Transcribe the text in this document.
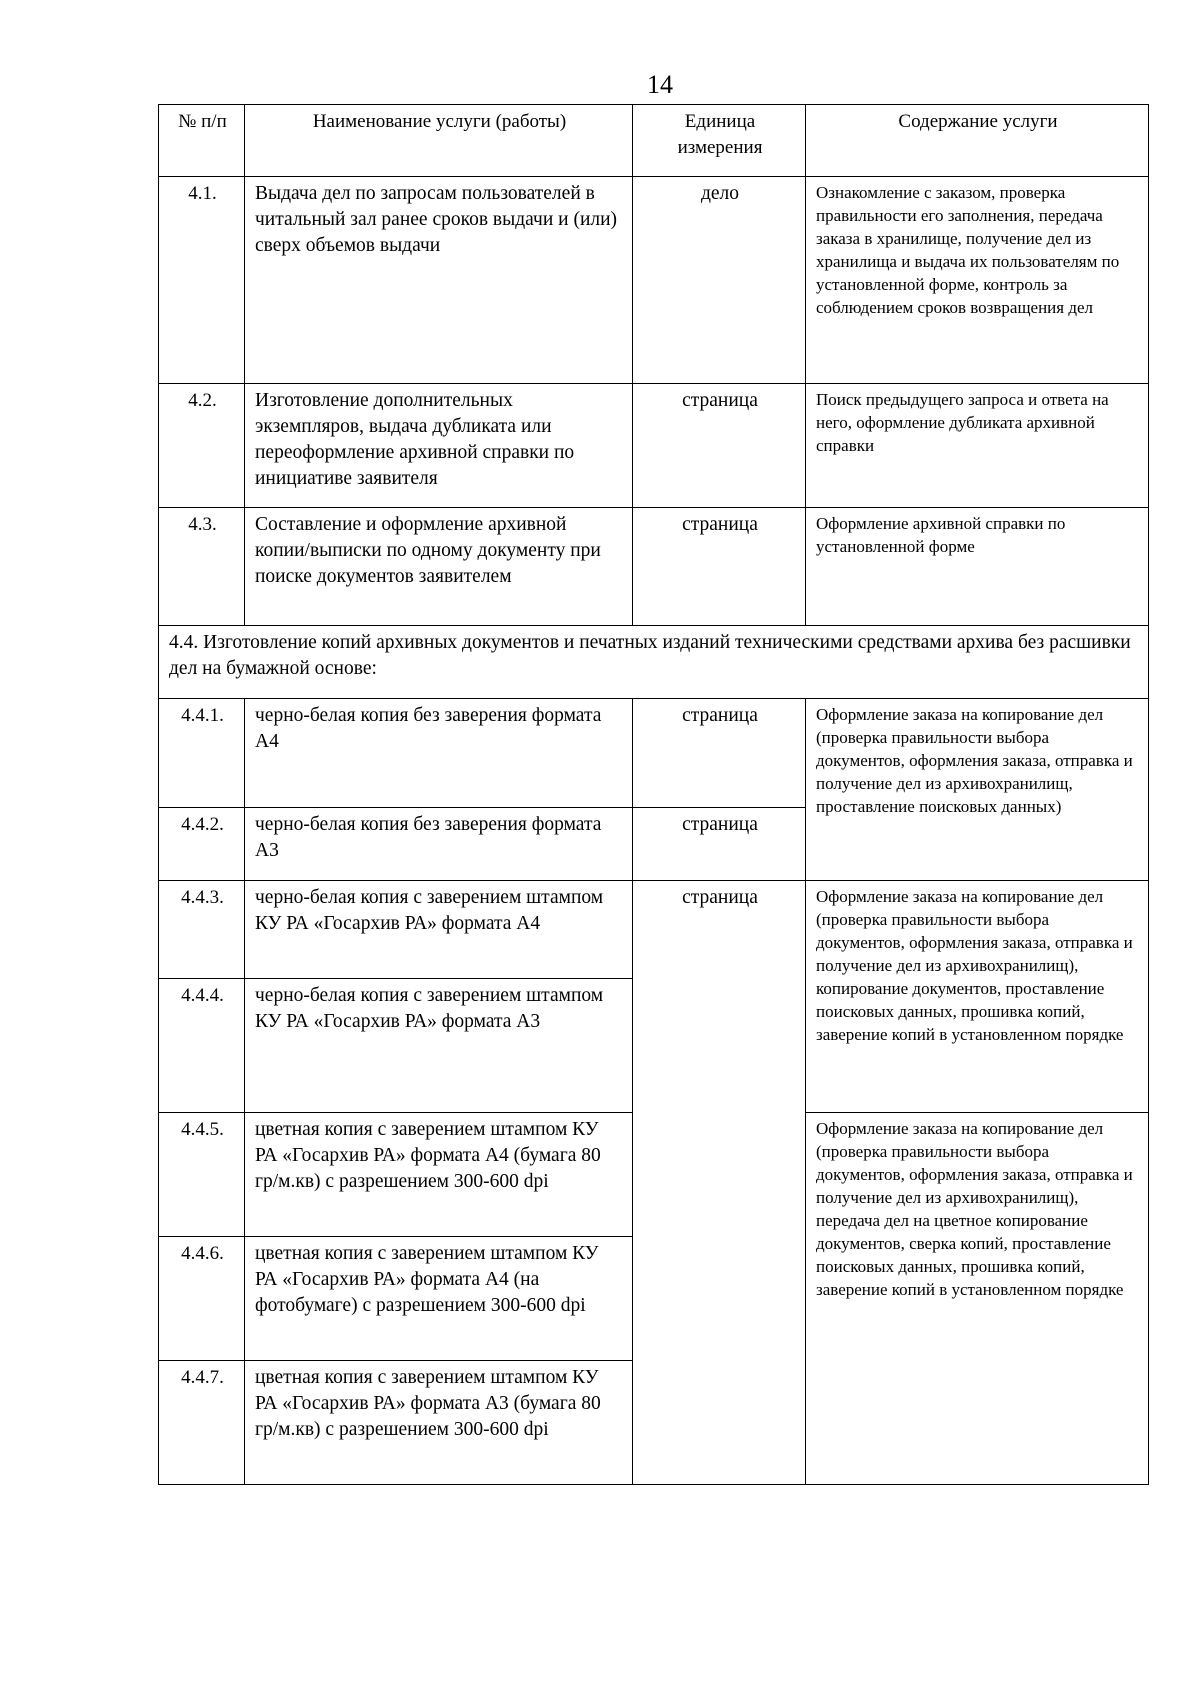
14
№ п/п	Наименование услуги (работы)	Единица измерения	Содержание услуги
4.1.	Выдача дел по запросам пользователей в читальный зал ранее сроков выдачи и (или) сверх объемов выдачи	дело	Ознакомление с заказом, проверка правильности его заполнения, передача заказа в хранилище, получение дел из хранилища и выдача их пользователям по установленной форме, контроль за соблюдением сроков возвращения дел
4.2.	Изготовление дополнительных экземпляров, выдача дубликата или переоформление архивной справки по инициативе заявителя	страница	Поиск предыдущего запроса и ответа на него, оформление дубликата архивной справки
4.3.	Составление и оформление архивной копии/выписки по одному документу при поиске документов заявителем	страница	Оформление архивной справки по установленной форме
4.4. Изготовление копий архивных документов и печатных изданий техническими средствами архива без расшивки дел на бумажной основе:			
4.4.1.	черно-белая копия без заверения формата А4	страница	Оформление заказа на копирование дел (проверка правильности выбора документов, оформления заказа, отправка и получение дел из архивохранилищ, проставление поисковых данных)
4.4.2.	черно-белая копия без заверения формата А3	страница	
4.4.3.	черно-белая копия с заверением штампом КУ РА «Госархив РА» формата А4	страница	Оформление заказа на копирование дел (проверка правильности выбора документов, оформления заказа, отправка и получение дел из архивохранилищ), копирование документов, проставление поисковых данных, прошивка копий, заверение копий в установленном порядке
4.4.4.	черно-белая копия с заверением штампом КУ РА «Госархив РА» формата А3		
4.4.5.	цветная копия с заверением штампом КУ РА «Госархив РА» формата А4 (бумага 80 гр/м.кв) с разрешением 300-600 dpi		Оформление заказа на копирование дел (проверка правильности выбора документов, оформления заказа, отправка и получение дел из архивохранилищ), передача дел на цветное копирование документов, сверка копий, проставление поисковых данных, прошивка копий, заверение копий в установленном порядке
4.4.6.	цветная копия с заверением штампом КУ РА «Госархив РА» формата А4 (на фотобумаге) с разрешением 300-600 dpi		
4.4.7.	цветная копия с заверением штампом КУ РА «Госархив РА» формата А3 (бумага 80 гр/м.кв) с разрешением 300-600 dpi		
